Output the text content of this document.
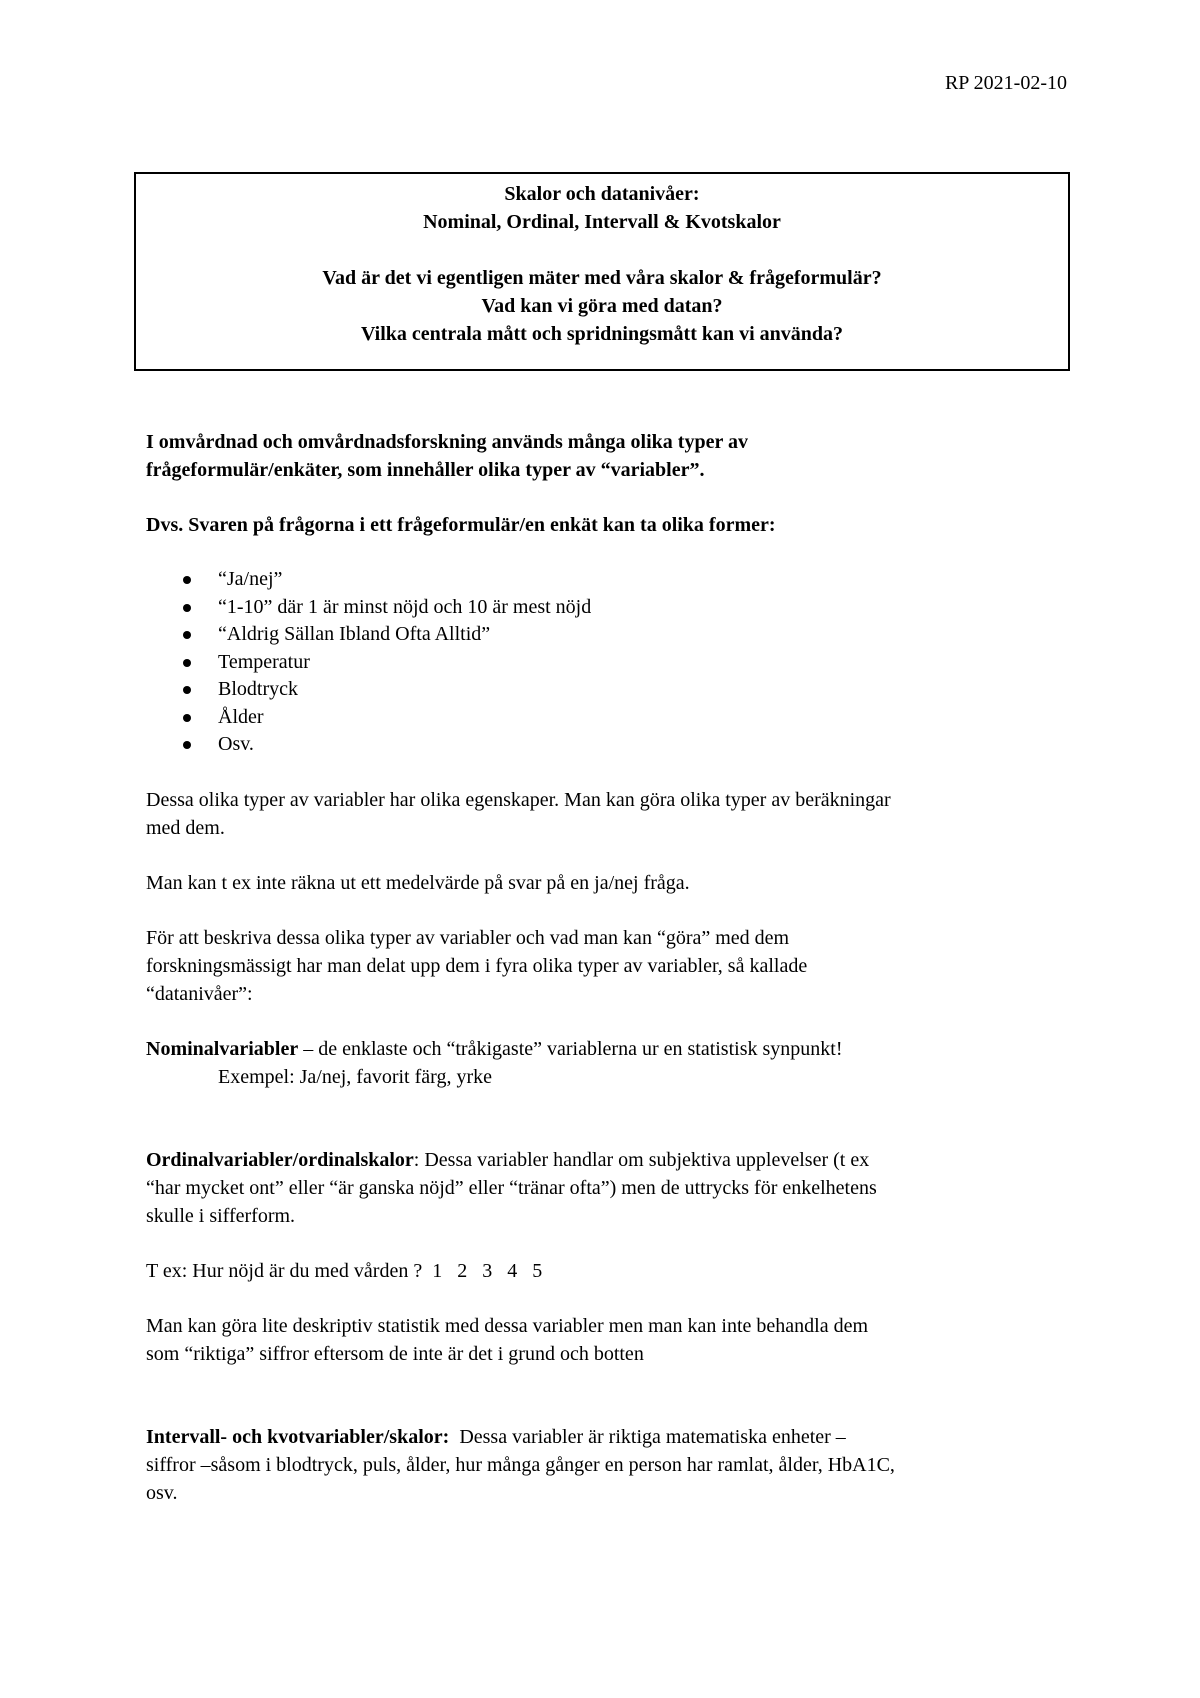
RP 2021-02-10
Skalor och datanivåer:
Nominal, Ordinal, Intervall & Kvotskalor
Vad är det vi egentligen mäter med våra skalor & frågeformulär?
Vad kan vi göra med datan?
Vilka centrala mått och spridningsmått kan vi använda?

I omvårdnad och omvårdnadsforskning används många olika typer av

frågeformulär/enkäter, som innehåller olika typer av “variabler”.

Dvs. Svaren på frågorna i ett frågeformulär/en enkät kan ta olika former:

“Ja/nej”
“1-10” där 1 är minst nöjd och 10 är mest nöjd
“Aldrig Sällan Ibland Ofta Alltid”
Temperatur
Blodtryck
Ålder
Osv.

Dessa olika typer av variabler har olika egenskaper. Man kan göra olika typer av beräkningar

med dem.

Man kan t ex inte räkna ut ett medelvärde på svar på en ja/nej fråga.

För att beskriva dessa olika typer av variabler och vad man kan “göra” med dem

forskningsmässigt har man delat upp dem i fyra olika typer av variabler, så kallade

“datanivåer”:

Nominalvariabler – de enklaste och “tråkigaste” variablerna ur en statistisk synpunkt!

Exempel: Ja/nej, favorit färg, yrke

Ordinalvariabler/ordinalskalor: Dessa variabler handlar om subjektiva upplevelser (t ex

“har mycket ont” eller “är ganska nöjd” eller “tränar ofta”) men de uttrycks för enkelhetens

skulle i sifferform.

T ex: Hur nöjd är du med vården ?  1   2   3   4   5

Man kan göra lite deskriptiv statistik med dessa variabler men man kan inte behandla dem

som “riktiga” siffror eftersom de inte är det i grund och botten

Intervall- och kvotvariabler/skalor:  Dessa variabler är riktiga matematiska enheter –

siffror –såsom i blodtryck, puls, ålder, hur många gånger en person har ramlat, ålder, HbA1C,

osv.
